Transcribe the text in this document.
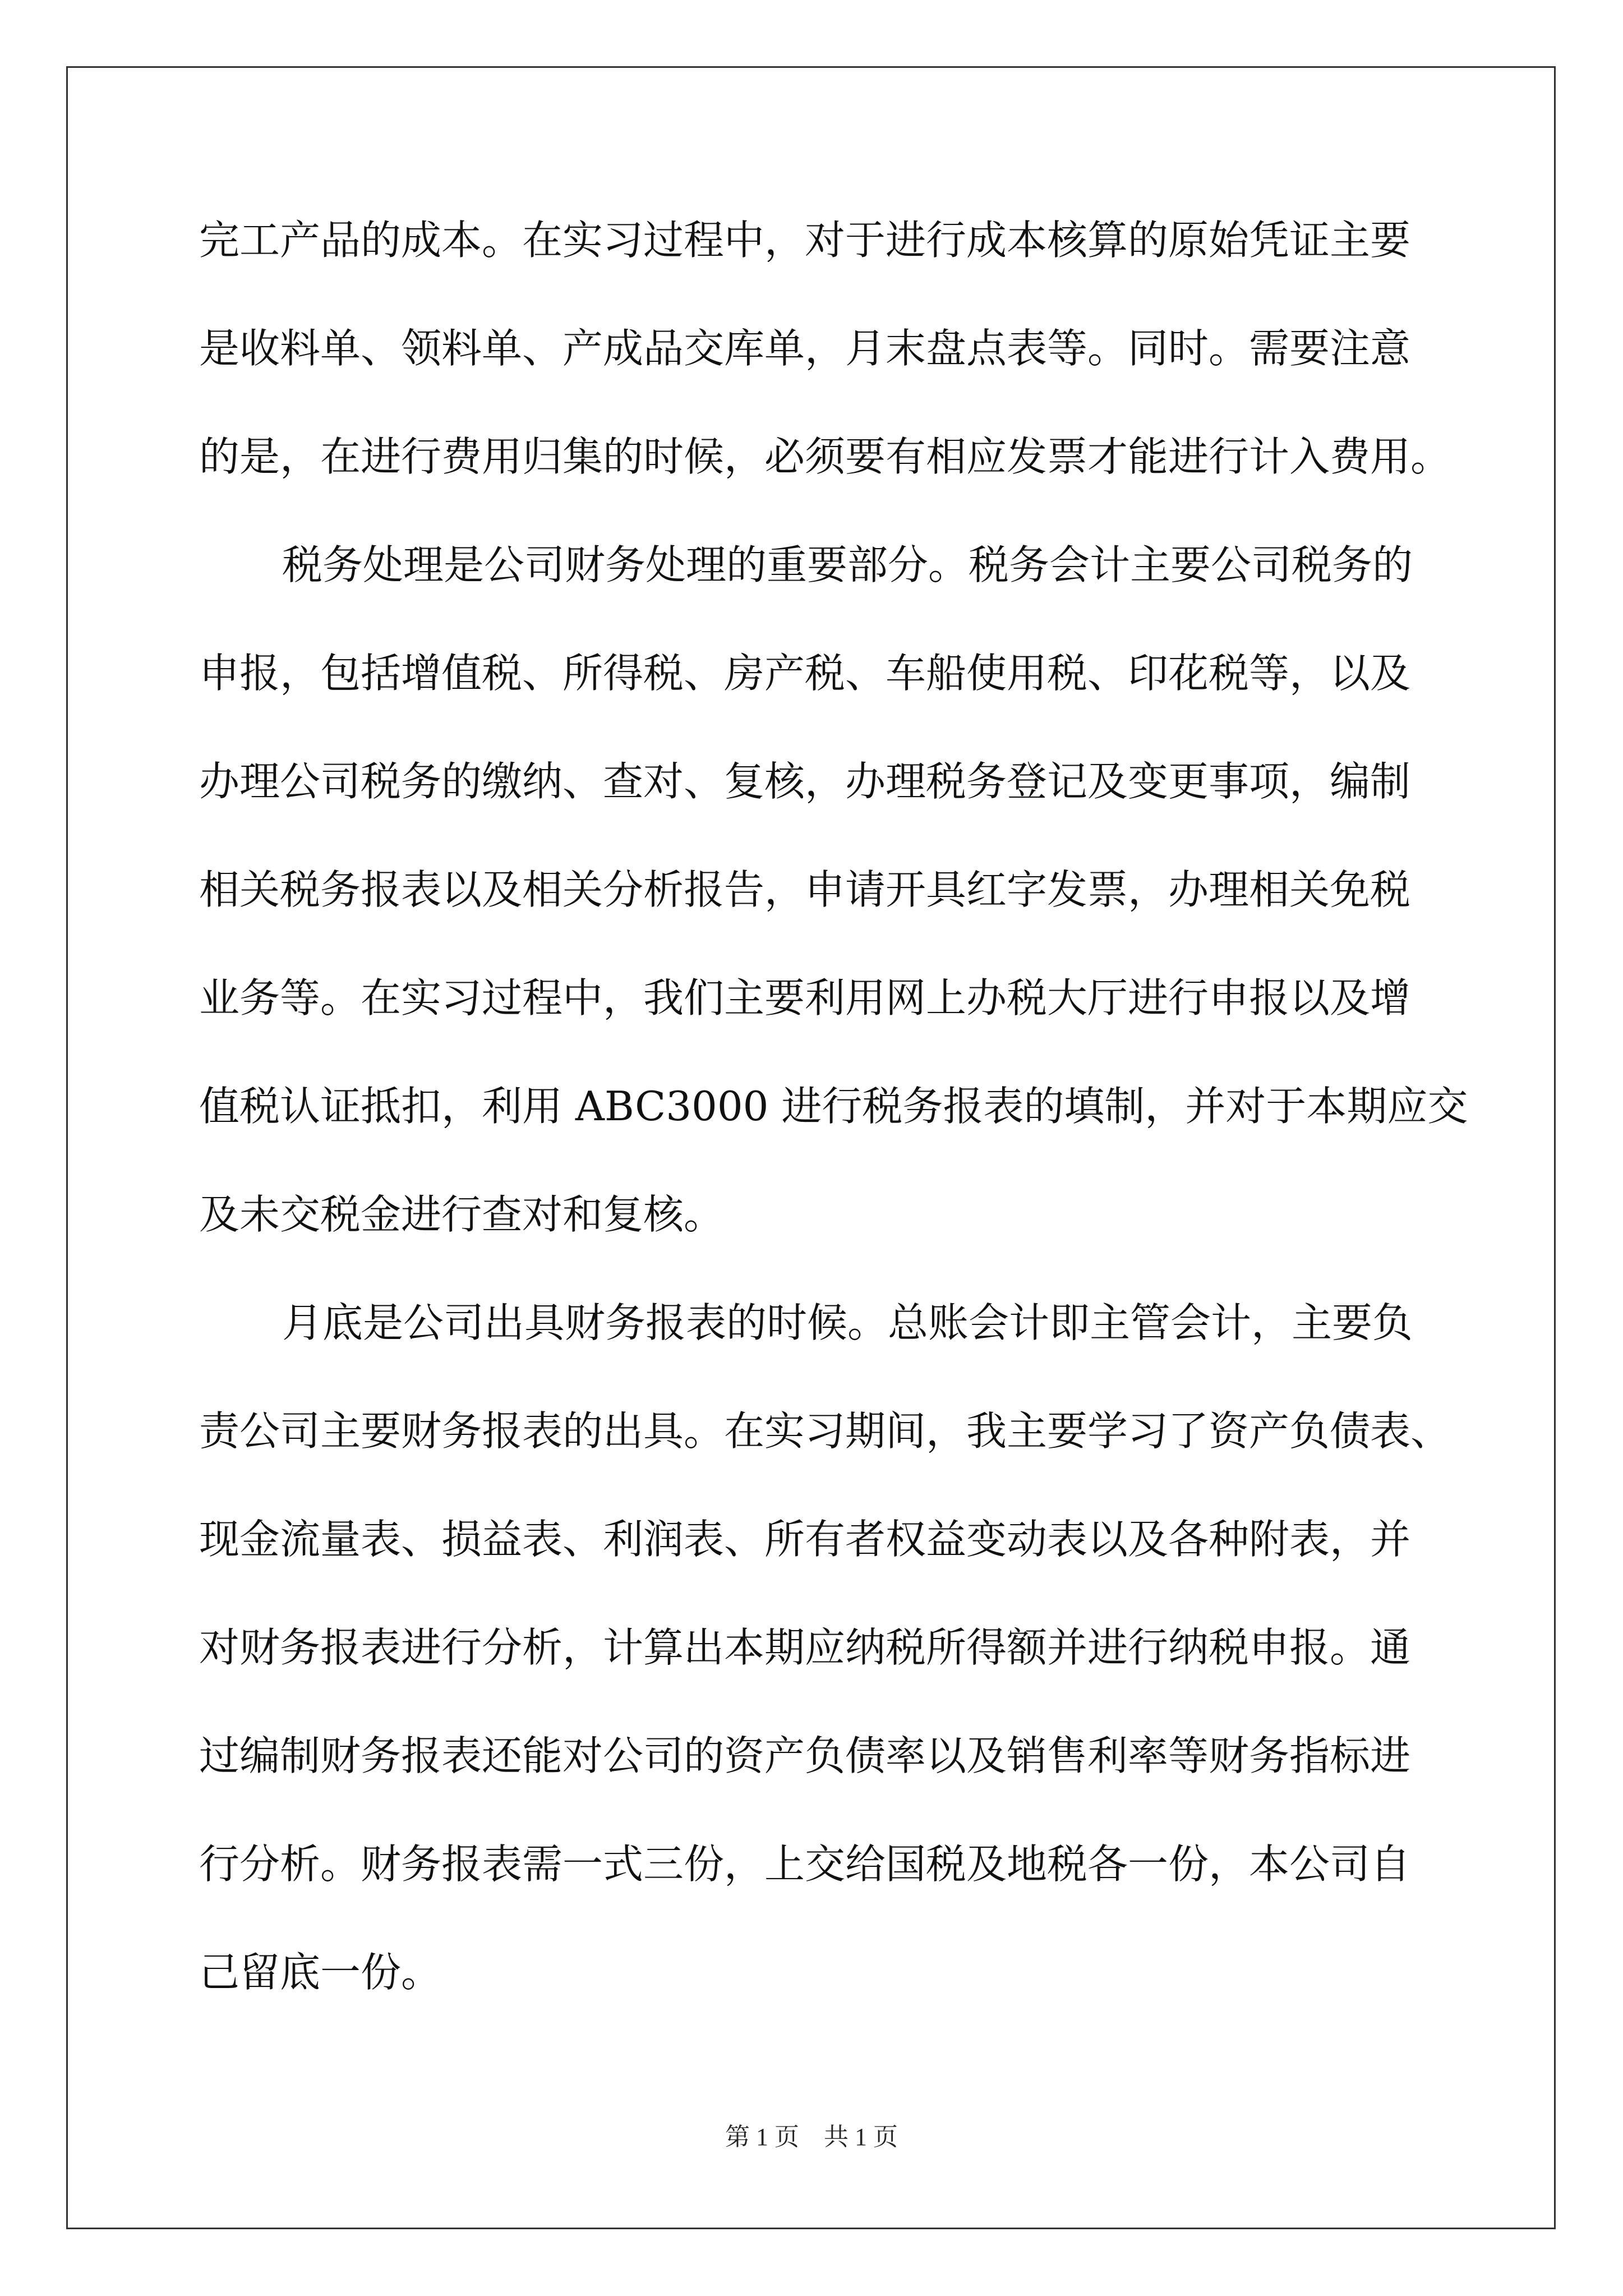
完工产品的成本。在实习过程中，对于进行成本核算的原始凭证主要
是收料单、领料单、产成品交库单，月末盘点表等。同时。需要注意
的是，在进行费用归集的时候，必须要有相应发票才能进行计入费用。
税务处理是公司财务处理的重要部分。税务会计主要公司税务的
申报，包括增值税、所得税、房产税、车船使用税、印花税等，以及
办理公司税务的缴纳、查对、复核，办理税务登记及变更事项，编制
相关税务报表以及相关分析报告，申请开具红字发票，办理相关免税
业务等。在实习过程中，我们主要利用网上办税大厅进行申报以及增
值税认证抵扣，利用 ABC3000 进行税务报表的填制，并对于本期应交
及未交税金进行查对和复核。
月底是公司出具财务报表的时候。总账会计即主管会计，主要负
责公司主要财务报表的出具。在实习期间，我主要学习了资产负债表、
现金流量表、损益表、利润表、所有者权益变动表以及各种附表，并
对财务报表进行分析，计算出本期应纳税所得额并进行纳税申报。通
过编制财务报表还能对公司的资产负债率以及销售利率等财务指标进
行分析。财务报表需一式三份，上交给国税及地税各一份，本公司自
己留底一份。
第 1 页　共 1 页
